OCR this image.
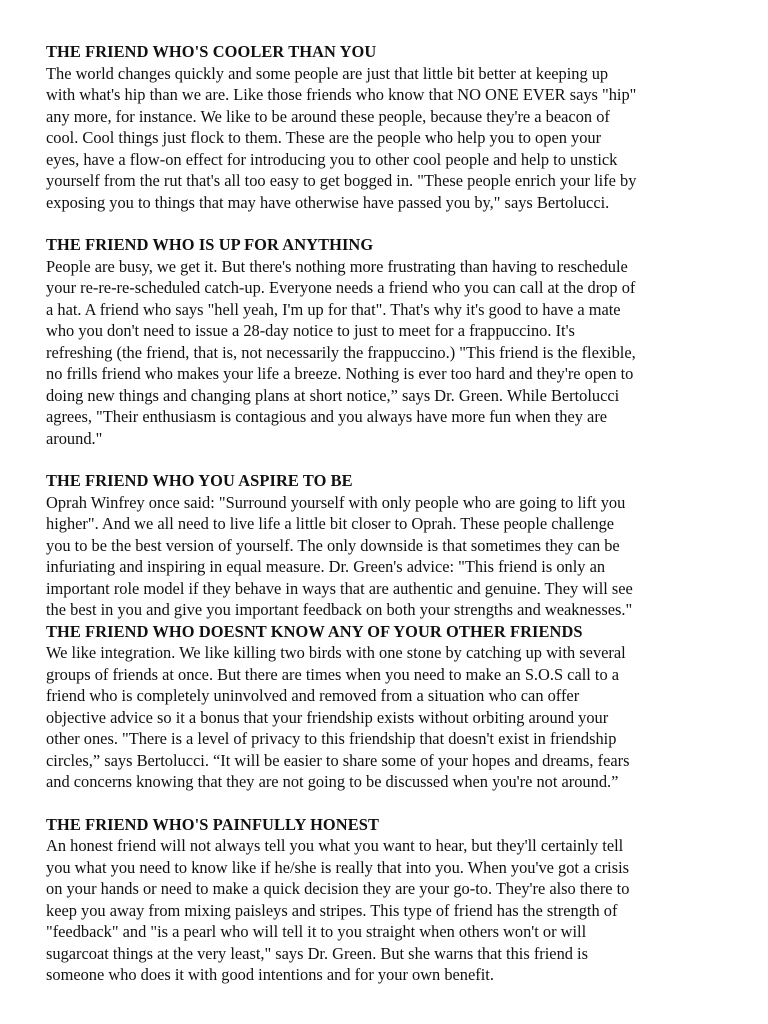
THE FRIEND WHO'S COOLER THAN YOU

The world changes quickly and some people are just that little bit better at keeping up
with what's hip than we are. Like those friends who know that NO ONE EVER says "hip"
any more, for instance. We like to be around these people, because they're a beacon of
cool. Cool things just flock to them. These are the people who help you to open your
eyes, have a flow-on effect for introducing you to other cool people and help to unstick
yourself from the rut that's all too easy to get bogged in. "These people enrich your life by
exposing you to things that may have otherwise have passed you by," says Bertolucci.

THE FRIEND WHO IS UP FOR ANYTHING

People are busy, we get it. But there's nothing more frustrating than having to reschedule
your re-re-re-scheduled catch-up. Everyone needs a friend who you can call at the drop of
a hat. A friend who says "hell yeah, I'm up for that". That's why it's good to have a mate
who you don't need to issue a 28-day notice to just to meet for a frappuccino. It's
refreshing (the friend, that is, not necessarily the frappuccino.) "This friend is the flexible,
no frills friend who makes your life a breeze. Nothing is ever too hard and they're open to
doing new things and changing plans at short notice,” says Dr. Green. While Bertolucci
agrees, "Their enthusiasm is contagious and you always have more fun when they are
around."

THE FRIEND WHO YOU ASPIRE TO BE

Oprah Winfrey once said: "Surround yourself with only people who are going to lift you
higher". And we all need to live life a little bit closer to Oprah. These people challenge
you to be the best version of yourself. The only downside is that sometimes they can be
infuriating and inspiring in equal measure. Dr. Green's advice: "This friend is only an
important role model if they behave in ways that are authentic and genuine. They will see
the best in you and give you important feedback on both your strengths and weaknesses."

THE FRIEND WHO DOESNT KNOW ANY OF YOUR OTHER FRIENDS

We like integration. We like killing two birds with one stone by catching up with several
groups of friends at once. But there are times when you need to make an S.O.S call to a
friend who is completely uninvolved and removed from a situation who can offer
objective advice so it a bonus that your friendship exists without orbiting around your
other ones. "There is a level of privacy to this friendship that doesn't exist in friendship
circles,” says Bertolucci. “It will be easier to share some of your hopes and dreams, fears
and concerns knowing that they are not going to be discussed when you're not around.”

THE FRIEND WHO'S PAINFULLY HONEST

An honest friend will not always tell you what you want to hear, but they'll certainly tell
you what you need to know like if he/she is really that into you. When you've got a crisis
on your hands or need to make a quick decision they are your go-to. They're also there to
keep you away from mixing paisleys and stripes. This type of friend has the strength of
"feedback" and "is a pearl who will tell it to you straight when others won't or will
sugarcoat things at the very least," says Dr. Green. But she warns that this friend is
someone who does it with good intentions and for your own benefit.
